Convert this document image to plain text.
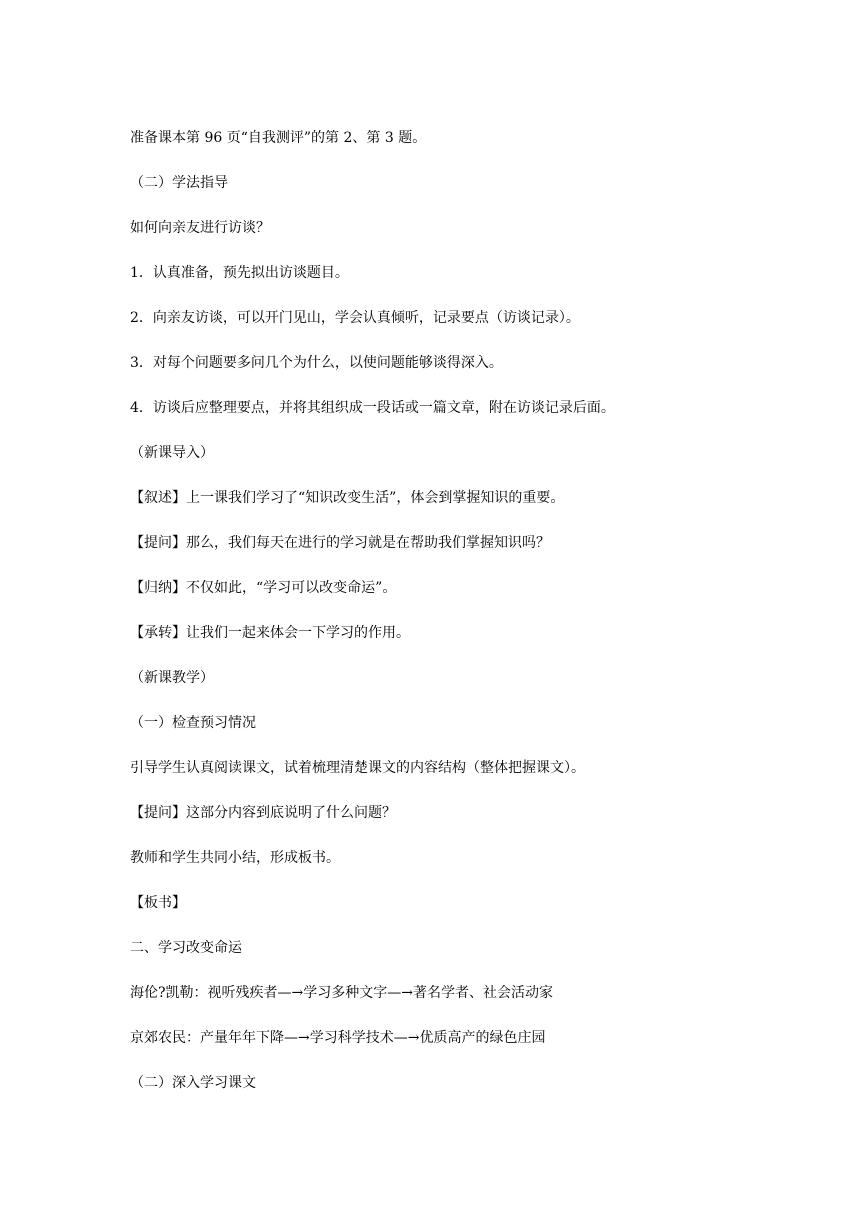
准备课本第 96 页“自我测评”的第 2、第 3 题。
（二）学法指导
如何向亲友进行访谈？
1．认真准备，预先拟出访谈题目。
2．向亲友访谈，可以开门见山，学会认真倾听，记录要点（访谈记录）。
3．对每个问题要多问几个为什么，以使问题能够谈得深入。
4．访谈后应整理要点，并将其组织成一段话或一篇文章，附在访谈记录后面。
（新课导入）
【叙述】上一课我们学习了“知识改变生活”，体会到掌握知识的重要。
【提问】那么，我们每天在进行的学习就是在帮助我们掌握知识吗？
【归纳】不仅如此，“学习可以改变命运”。
【承转】让我们一起来体会一下学习的作用。
（新课教学）
（一）检查预习情况
引导学生认真阅读课文，试着梳理清楚课文的内容结构（整体把握课文）。
【提问】这部分内容到底说明了什么问题？
教师和学生共同小结，形成板书。
【板书】
二、学习改变命运
海伦?凯勒：视听残疾者—→学习多种文字—→著名学者、社会活动家
京郊农民：产量年年下降—→学习科学技术—→优质高产的绿色庄园
（二）深入学习课文
